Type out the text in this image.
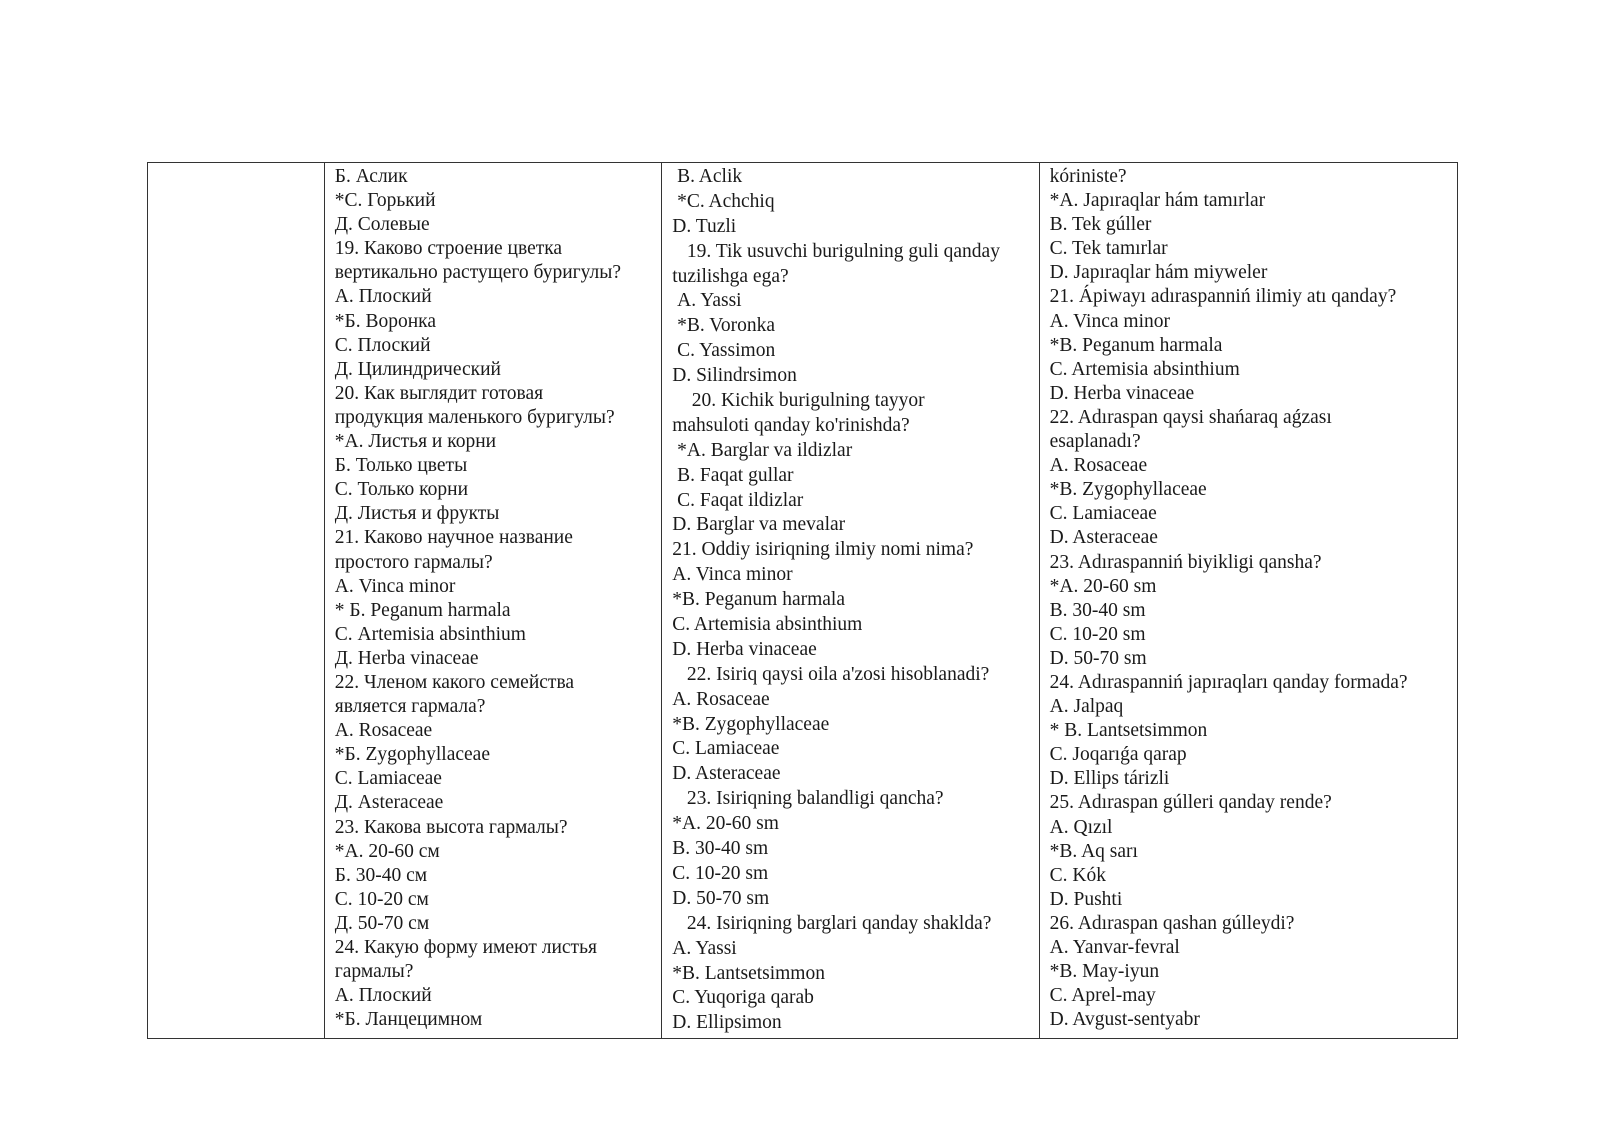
Б. Аслик
*С. Горький
Д. Солевые
19. Каково строение цветка
вертикально растущего буригулы?
А. Плоский
*Б. Воронка
С. Плоский
Д. Цилиндрический
20. Как выглядит готовая
продукция маленького буригулы?
*А. Листья и корни
Б. Только цветы
С. Только корни
Д. Листья и фрукты
21. Каково научное название
простого гармалы?
А. Vinca minor
* Б. Peganum harmala
С. Artemisia absinthium
Д. Herba vinaceae
22. Членом какого семейства
является гармала?
А. Rosaceae
*Б. Zygophyllaceae
С. Lamiaceae
Д. Asteraceae
23. Какова высота гармалы?
*А. 20-60 см
Б. 30-40 см
С. 10-20 см
Д. 50-70 см
24. Какую форму имеют листья
гармалы?
А. Плоский
*Б. Ланцецимном
B. Aclik
*C. Achchiq
D. Tuzli
19. Tik usuvchi burigulning guli qanday
tuzilishga ega?
A. Yassi
*B. Voronka
C. Yassimon
D. Silindrsimon
20. Kichik burigulning tayyor
mahsuloti qanday ko'rinishda?
*A. Barglar va ildizlar
B. Faqat gullar
C. Faqat ildizlar
D. Barglar va mevalar
21. Oddiy isiriqning ilmiy nomi nima?
A. Vinca minor
*B. Peganum harmala
C. Artemisia absinthium
D. Herba vinaceae
22. Isiriq qaysi oila a'zosi hisoblanadi?
A. Rosaceae
*B. Zygophyllaceae
C. Lamiaceae
D. Asteraceae
23. Isiriqning balandligi qancha?
*A. 20-60 sm
B. 30-40 sm
C. 10-20 sm
D. 50-70 sm
24. Isiriqning barglari qanday shaklda?
A. Yassi
*B. Lantsetsimmon
C. Yuqoriga qarab
D. Ellipsimon
kóriniste?
*A. Japıraqlar hám tamırlar
B. Tek gúller
C. Tek tamırlar
D. Japıraqlar hám miyweler
21. Ápiwayı adıraspanniń ilimiy atı qanday?
A. Vinca minor
*B. Peganum harmala
C. Artemisia absinthium
D. Herba vinaceae
22. Adıraspan qaysi shańaraq aǵzası
esaplanadı?
A. Rosaceae
*B. Zygophyllaceae
C. Lamiaceae
D. Asteraceae
23. Adıraspanniń biyikligi qansha?
*A. 20-60 sm
B. 30-40 sm
C. 10-20 sm
D. 50-70 sm
24. Adıraspanniń japıraqları qanday formada?
A. Jalpaq
* B. Lantsetsimmon
C. Joqarıǵa qarap
D. Ellips tárizli
25. Adıraspan gúlleri qanday rende?
A. Qızıl
*B. Aq sarı
C. Kók
D. Pushti
26. Adıraspan qashan gúlleydi?
A. Yanvar-fevral
*B. May-iyun
C. Aprel-may
D. Avgust-sentyabr
